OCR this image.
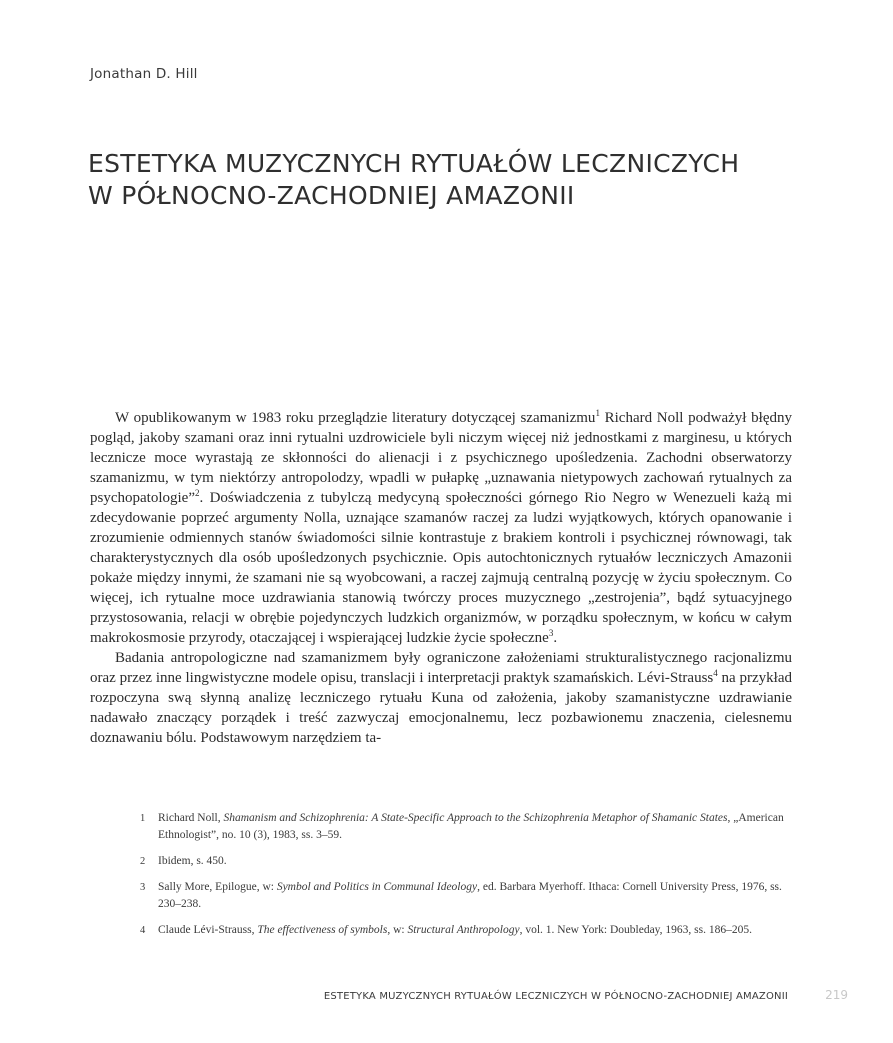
Jonathan D. Hill
ESTETYKA MUZYCZNYCH RYTUAŁÓW LECZNICZYCH
W PÓŁNOCNO-ZACHODNIEJ AMAZONII

W opublikowanym w 1983 roku przeglądzie literatury dotyczącej szamanizmu$^1$ Richard Noll podważył błędny pogląd, jakoby szamani oraz inni rytualni uzdrowiciele byli niczym więcej niż jednostkami z marginesu, u których lecznicze moce wyrastają ze skłonności do alienacji i z psychicznego upośledzenia. Zachodni obserwatorzy szamanizmu, w tym niektórzy antropolodzy, wpadli w pułapkę „uznawania nietypowych zachowań rytualnych za psychopatologie”$^2$. Doświadczenia z tubylczą medycyną społeczności górnego Rio Negro w Wenezueli każą mi zdecydowanie poprzeć argumenty Nolla, uznające szamanów raczej za ludzi wyjątkowych, których opanowanie i zrozumienie odmiennych stanów świadomości silnie kontrastuje z brakiem kontroli i psychicznej równowagi, tak charakterystycznych dla osób upośledzonych psychicznie. Opis autochtonicznych rytuałów leczniczych Amazonii pokaże między innymi, że szamani nie są wyobcowani, a raczej zajmują centralną pozycję w życiu społecznym. Co więcej, ich rytualne moce uzdrawiania stanowią twórczy proces muzycznego „zestrojenia”, bądź sytuacyjnego przystosowania, relacji w obrębie pojedynczych ludzkich organizmów, w porządku społecznym, w końcu w całym makrokosmosie przyrody, otaczającej i wspierającej ludzkie życie społeczne$^3$.

Badania antropologiczne nad szamanizmem były ograniczone założeniami strukturalistycznego racjonalizmu oraz przez inne lingwistyczne modele opisu, translacji i interpretacji praktyk szamańskich. Lévi-Strauss$^4$ na przykład rozpoczyna swą słynną analizę leczniczego rytuału Kuna od założenia, jakoby szamanistyczne uzdrawianie nadawało znaczący porządek i treść zazwyczaj emocjonalnemu, lecz pozbawionemu znaczenia, cielesnemu doznawaniu bólu. Podstawowym narzędziem ta-

1 Richard Noll, Shamanism and Schizophrenia: A State-Specific Approach to the Schizophrenia Metaphor of Shamanic States, „American Ethnologist”, no. 10 (3), 1983, ss. 3–59.
2 Ibidem, s. 450.
3 Sally More, Epilogue, w: Symbol and Politics in Communal Ideology, ed. Barbara Myerhoff. Ithaca: Cornell University Press, 1976, ss. 230–238.
4 Claude Lévi-Strauss, The effectiveness of symbols, w: Structural Anthropology, vol. 1. New York: Doubleday, 1963, ss. 186–205.
ESTETYKA MUZYCZNYCH RYTUAŁÓW LECZNICZYCH W PÓŁNOCNO-ZACHODNIEJ AMAZONII	219
